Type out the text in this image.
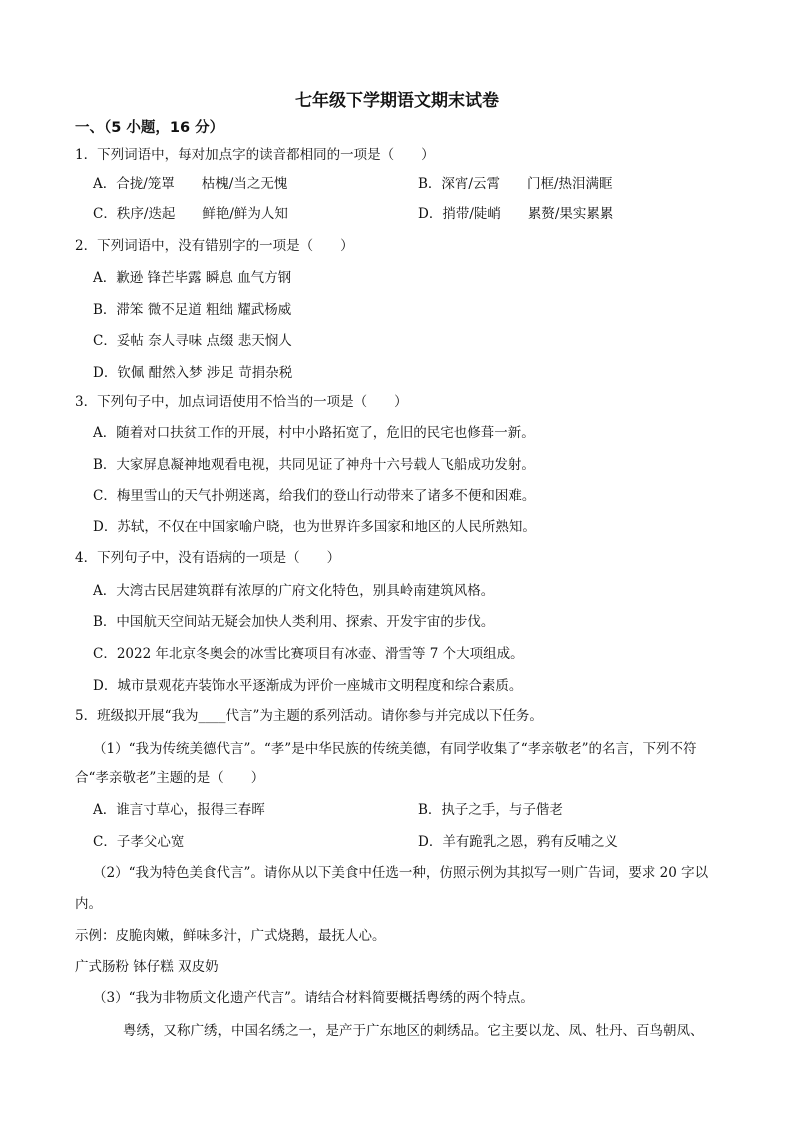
七年级下学期语文期末试卷
一、（5 小题，16 分）
1．下列词语中，每对加点字的读音都相同的一项是（　　）
A．合拢/笼罩　　枯槐/当之无愧	B．深宵/云霄　　门框/热泪满眶
C．秩序/迭起　　鲜艳/鲜为人知	D．捎带/陡峭　　累赘/果实累累
2．下列词语中，没有错别字的一项是（　　）
A．歉逊 锋芒毕露 瞬息 血气方钢
B．滞笨 微不足道 粗绌 耀武杨威
C．妥帖 奈人寻味 点缀 悲天悯人
D．钦佩 酣然入梦 涉足 苛捐杂税
3．下列句子中，加点词语使用不恰当的一项是（　　）
A．随着对口扶贫工作的开展，村中小路拓宽了，危旧的民宅也修葺一新。
B．大家屏息凝神地观看电视，共同见证了神舟十六号载人飞船成功发射。
C．梅里雪山的天气扑朔迷离，给我们的登山行动带来了诸多不便和困难。
D．苏轼，不仅在中国家喻户晓，也为世界许多国家和地区的人民所熟知。
4．下列句子中，没有语病的一项是（　　）
A．大湾古民居建筑群有浓厚的广府文化特色，别具岭南建筑风格。
B．中国航天空间站无疑会加快人类利用、探索、开发宇宙的步伐。
C．2022 年北京冬奥会的冰雪比赛项目有冰壶、滑雪等 7 个大项组成。
D．城市景观花卉装饰水平逐渐成为评价一座城市文明程度和综合素质。
5．班级拟开展“我为____代言”为主题的系列活动。请你参与并完成以下任务。
（1）“我为传统美德代言”。“孝”是中华民族的传统美德，有同学收集了“孝亲敬老”的名言，下列不符
合“孝亲敬老”主题的是（　　）
A．谁言寸草心，报得三春晖	B．执子之手，与子偕老
C．子孝父心宽	D．羊有跪乳之恩，鸦有反哺之义
（2）“我为特色美食代言”。请你从以下美食中任选一种，仿照示例为其拟写一则广告词，要求 20 字以
内。
示例：皮脆肉嫩，鲜味多汁，广式烧鹅，最抚人心。
广式肠粉 钵仔糕 双皮奶
（3）“我为非物质文化遗产代言”。请结合材料简要概括粤绣的两个特点。
粤绣，又称广绣，中国名绣之一，是产于广东地区的刺绣品。它主要以龙、凤、牡丹、百鸟朝凤、
